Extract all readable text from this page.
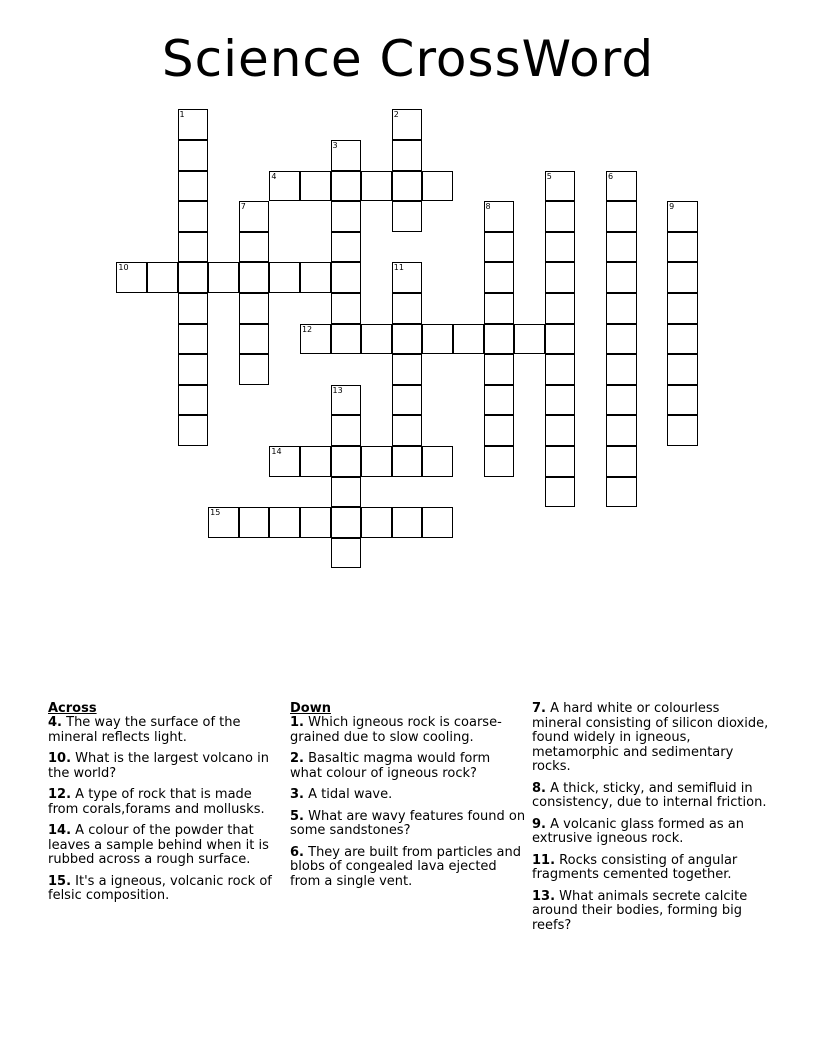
Science CrossWord
1	2
3
4	5	6
7	8	9
10	11
12
13
14
15
Across
4. The way the surface of the mineral reflects light.
10. What is the largest volcano in the world?
12. A type of rock that is made from corals,forams and mollusks.
14. A colour of the powder that leaves a sample behind when it is rubbed across a rough surface.
15. It's a igneous, volcanic rock of felsic composition.
Down
1. Which igneous rock is coarse-grained due to slow cooling.
2. Basaltic magma would form what colour of igneous rock?
3. A tidal wave.
5. What are wavy features found on some sandstones?
6. They are built from particles and blobs of congealed lava ejected from a single vent.
7. A hard white or colourless mineral consisting of silicon dioxide, found widely in igneous, metamorphic and sedimentary rocks.
8. A thick, sticky, and semifluid in consistency, due to internal friction.
9. A volcanic glass formed as an extrusive igneous rock.
11. Rocks consisting of angular fragments cemented together.
13. What animals secrete calcite around their bodies, forming big reefs?
